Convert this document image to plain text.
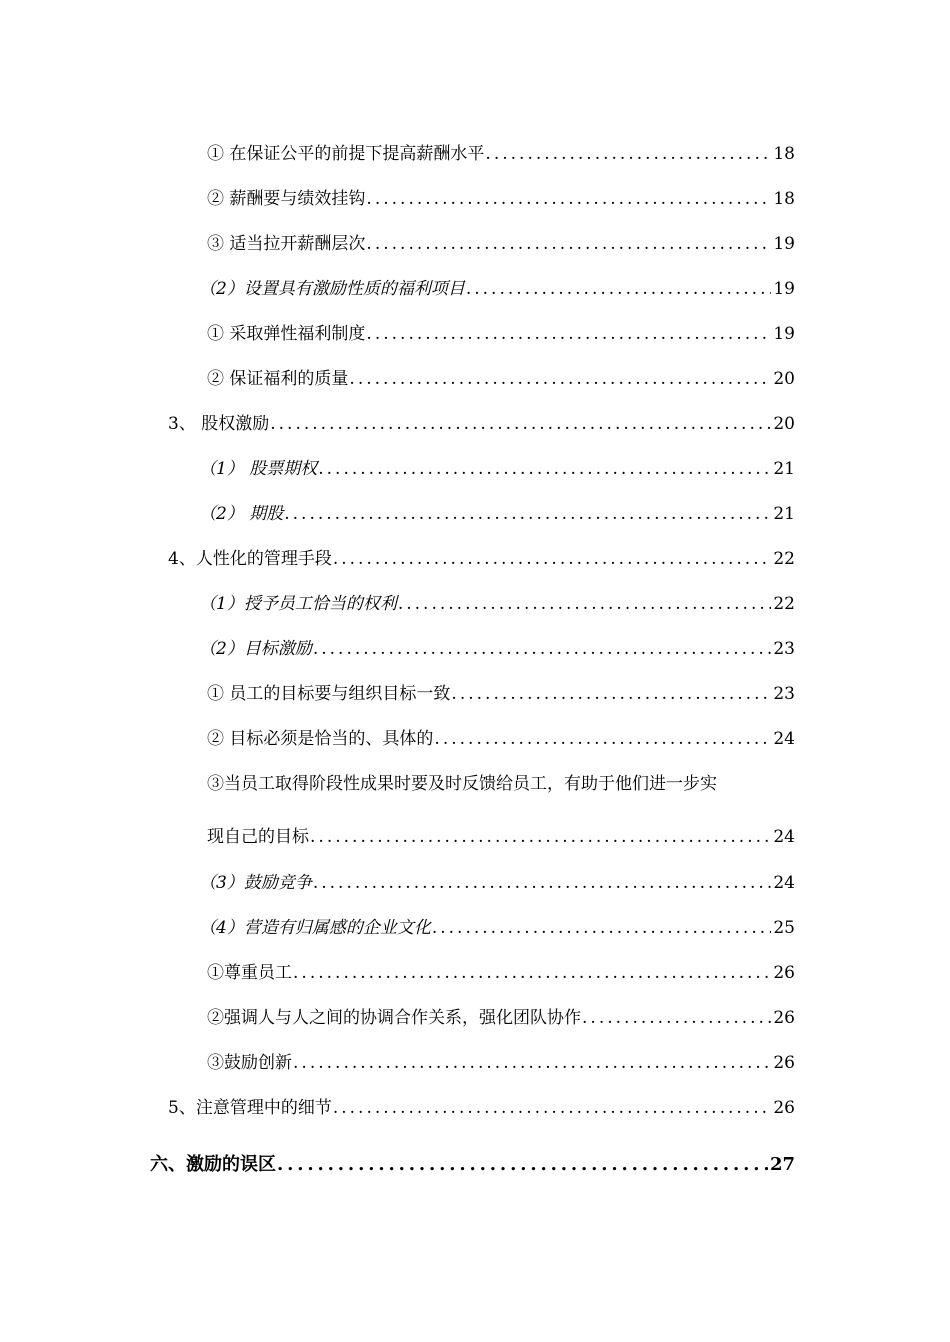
① 在保证公平的前提下提高薪酬水平 . . .	18
② 薪酬要与绩效挂钩 . . .	18
③ 适当拉开薪酬层次 . . .	19
（2）设置具有激励性质的福利项目 . . .	19
① 采取弹性福利制度 . . .	19
② 保证福利的质量 . . .	20
3、 股权激励 . . .	20
（1） 股票期权 . . .	21
（2） 期股 . . .	21
4、人性化的管理手段 . . .	22
（1）授予员工恰当的权利 . . .	22
（2）目标激励 . . .	23
① 员工的目标要与组织目标一致 . . .	23
② 目标必须是恰当的、具体的 . . .	24
③当员工取得阶段性成果时要及时反馈给员工，有助于他们进一步实
现自己的目标 . . .	24
（3）鼓励竞争 . . .	24
（4）营造有归属感的企业文化 . . .	25
①尊重员工 . . .	26
②强调人与人之间的协调合作关系，强化团队协作 . . .	26
③鼓励创新 . . .	26
5、注意管理中的细节 . . .	26
六、激励的误区 . . .	27
